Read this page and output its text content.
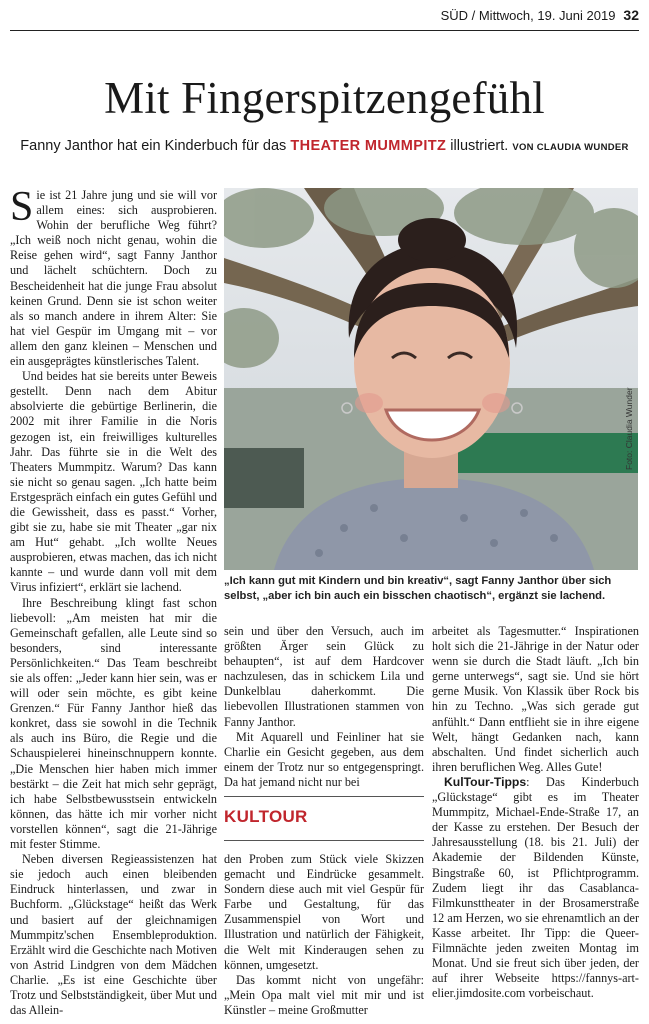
SÜD / Mittwoch, 19. Juni 2019 32
Mit Fingerspitzengefühl
Fanny Janthor hat ein Kinderbuch für das THEATER MUMMPITZ illustriert. VON CLAUDIA WUNDER

Sie ist 21 Jahre jung und sie will vor allem eines: sich ausprobieren. Wohin der berufliche Weg führt? „Ich weiß noch nicht genau, wohin die Reise gehen wird“, sagt Fanny Janthor und lächelt schüchtern. Doch zu Bescheidenheit hat die junge Frau absolut keinen Grund. Denn sie ist schon weiter als so manch andere in ihrem Alter: Sie hat viel Gespür im Umgang mit – vor allem den ganz kleinen – Menschen und ein ausgeprägtes künstlerisches Talent.

Und beides hat sie bereits unter Beweis gestellt. Denn nach dem Abitur absolvierte die gebürtige Berlinerin, die 2002 mit ihrer Familie in die Noris gezogen ist, ein freiwilliges kulturelles Jahr. Das führte sie in die Welt des Theaters Mummpitz. Warum? Das kann sie nicht so genau sagen. „Ich hatte beim Erstgespräch einfach ein gutes Gefühl und die Gewissheit, dass es passt.“ Vorher, gibt sie zu, habe sie mit Theater „gar nix am Hut“ gehabt. „Ich wollte Neues ausprobieren, etwas machen, das ich nicht kannte – und wurde dann voll mit dem Virus infiziert“, erklärt sie lachend.

Ihre Beschreibung klingt fast schon liebevoll: „Am meisten hat mir die Gemeinschaft gefallen, alle Leute sind so besonders, sind interessante Persönlichkeiten.“ Das Team beschreibt sie als offen: „Jeder kann hier sein, was er will oder sein möchte, es gibt keine Grenzen.“ Für Fanny Janthor hieß das konkret, dass sie sowohl in die Technik als auch ins Büro, die Regie und die Schauspielerei hineinschnuppern konnte. „Die Menschen hier haben mich immer bestärkt – die Zeit hat mich sehr geprägt, ich habe Selbstbewusstsein entwickeln können, das hätte ich mir vorher nicht vorstellen können“, sagt die 21-Jährige mit fester Stimme.

Neben diversen Regieassistenzen hat sie jedoch auch einen bleibenden Eindruck hinterlassen, und zwar in Buchform. „Glückstage“ heißt das Werk und basiert auf der gleichnamigen Mummpitz'schen Ensembleproduktion. Erzählt wird die Geschichte nach Motiven von Astrid Lindgren von dem Mädchen Charlie. „Es ist eine Geschichte über Trotz und Selbstständigkeit, über Mut und das Allein-

Foto: Claudia Wunder
„Ich kann gut mit Kindern und bin kreativ“, sagt Fanny Janthor über sich selbst, „aber ich bin auch ein bisschen chaotisch“, ergänzt sie lachend.

sein und über den Versuch, auch im größten Ärger sein Glück zu behaupten“, ist auf dem Hardcover nachzulesen, das in schickem Lila und Dunkelblau daherkommt. Die liebevollen Illustrationen stammen von Fanny Janthor.

Mit Aquarell und Feinliner hat sie Charlie ein Gesicht gegeben, aus dem einem der Trotz nur so entgegenspringt. Da hat jemand nicht nur bei

KULTOUR

den Proben zum Stück viele Skizzen gemacht und Eindrücke gesammelt. Sondern diese auch mit viel Gespür für Farbe und Gestaltung, für das Zusammenspiel von Wort und Illustration und natürlich der Fähigkeit, die Welt mit Kinderaugen sehen zu können, umgesetzt.

Das kommt nicht von ungefähr: „Mein Opa malt viel mit mir und ist Künstler – meine Großmutter

arbeitet als Tagesmutter.“ Inspirationen holt sich die 21-Jährige in der Natur oder wenn sie durch die Stadt läuft. „Ich bin gerne unterwegs“, sagt sie. Und sie hört gerne Musik. Von Klassik über Rock bis hin zu Techno. „Was sich gerade gut anfühlt.“ Dann entflieht sie in ihre eigene Welt, hängt Gedanken nach, kann abschalten. Und findet sicherlich auch ihren beruflichen Weg. Alles Gute!

KulTour-Tipps: Das Kinderbuch „Glückstage“ gibt es im Theater Mummpitz, Michael-Ende-Straße 17, an der Kasse zu erstehen. Der Besuch der Jahresausstellung (18. bis 21. Juli) der Akademie der Bildenden Künste, Bingstraße 60, ist Pflichtprogramm. Zudem liegt ihr das Casablanca-Filmkunsttheater in der Brosamerstraße 12 am Herzen, wo sie ehrenamtlich an der Kasse arbeitet. Ihr Tipp: die Queer-Filmnächte jeden zweiten Montag im Monat. Und sie freut sich über jeden, der auf ihrer Webseite https://fannys-art-elier.jimdosite.com vorbeischaut.
